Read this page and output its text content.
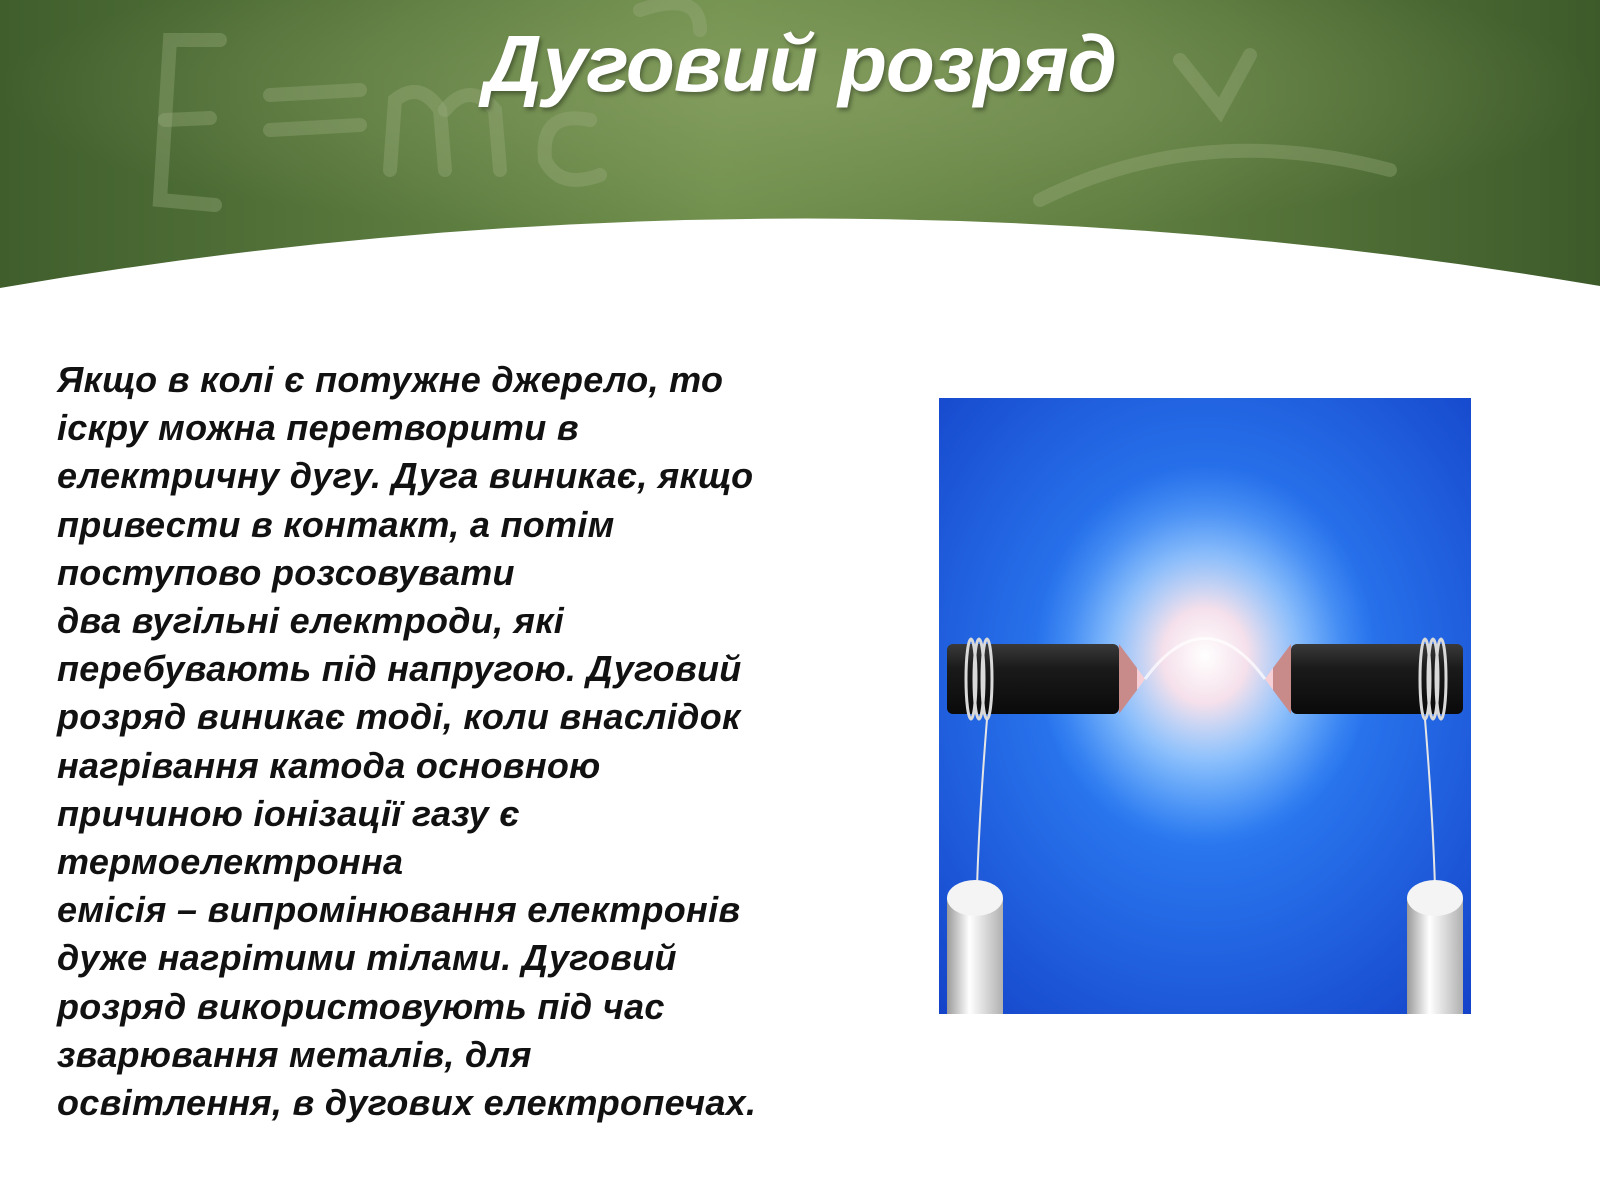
Дуговий розряд
Якщо в колі є потужне джерело, то
іскру можна перетворити в
електричну дугу. Дуга виникає, якщо
привести в контакт, а потім
поступово розсовувати
два вугільні електроди, які
перебувають під напругою. Дуговий
розряд виникає тоді, коли внаслідок
нагрівання катода основною
причиною іонізації газу є
термоелектронна
емісія – випромінювання електронів
дуже нагрітими тілами. Дуговий
розряд використовують під час
зварювання металів, для
освітлення, в дугових електропечах.
